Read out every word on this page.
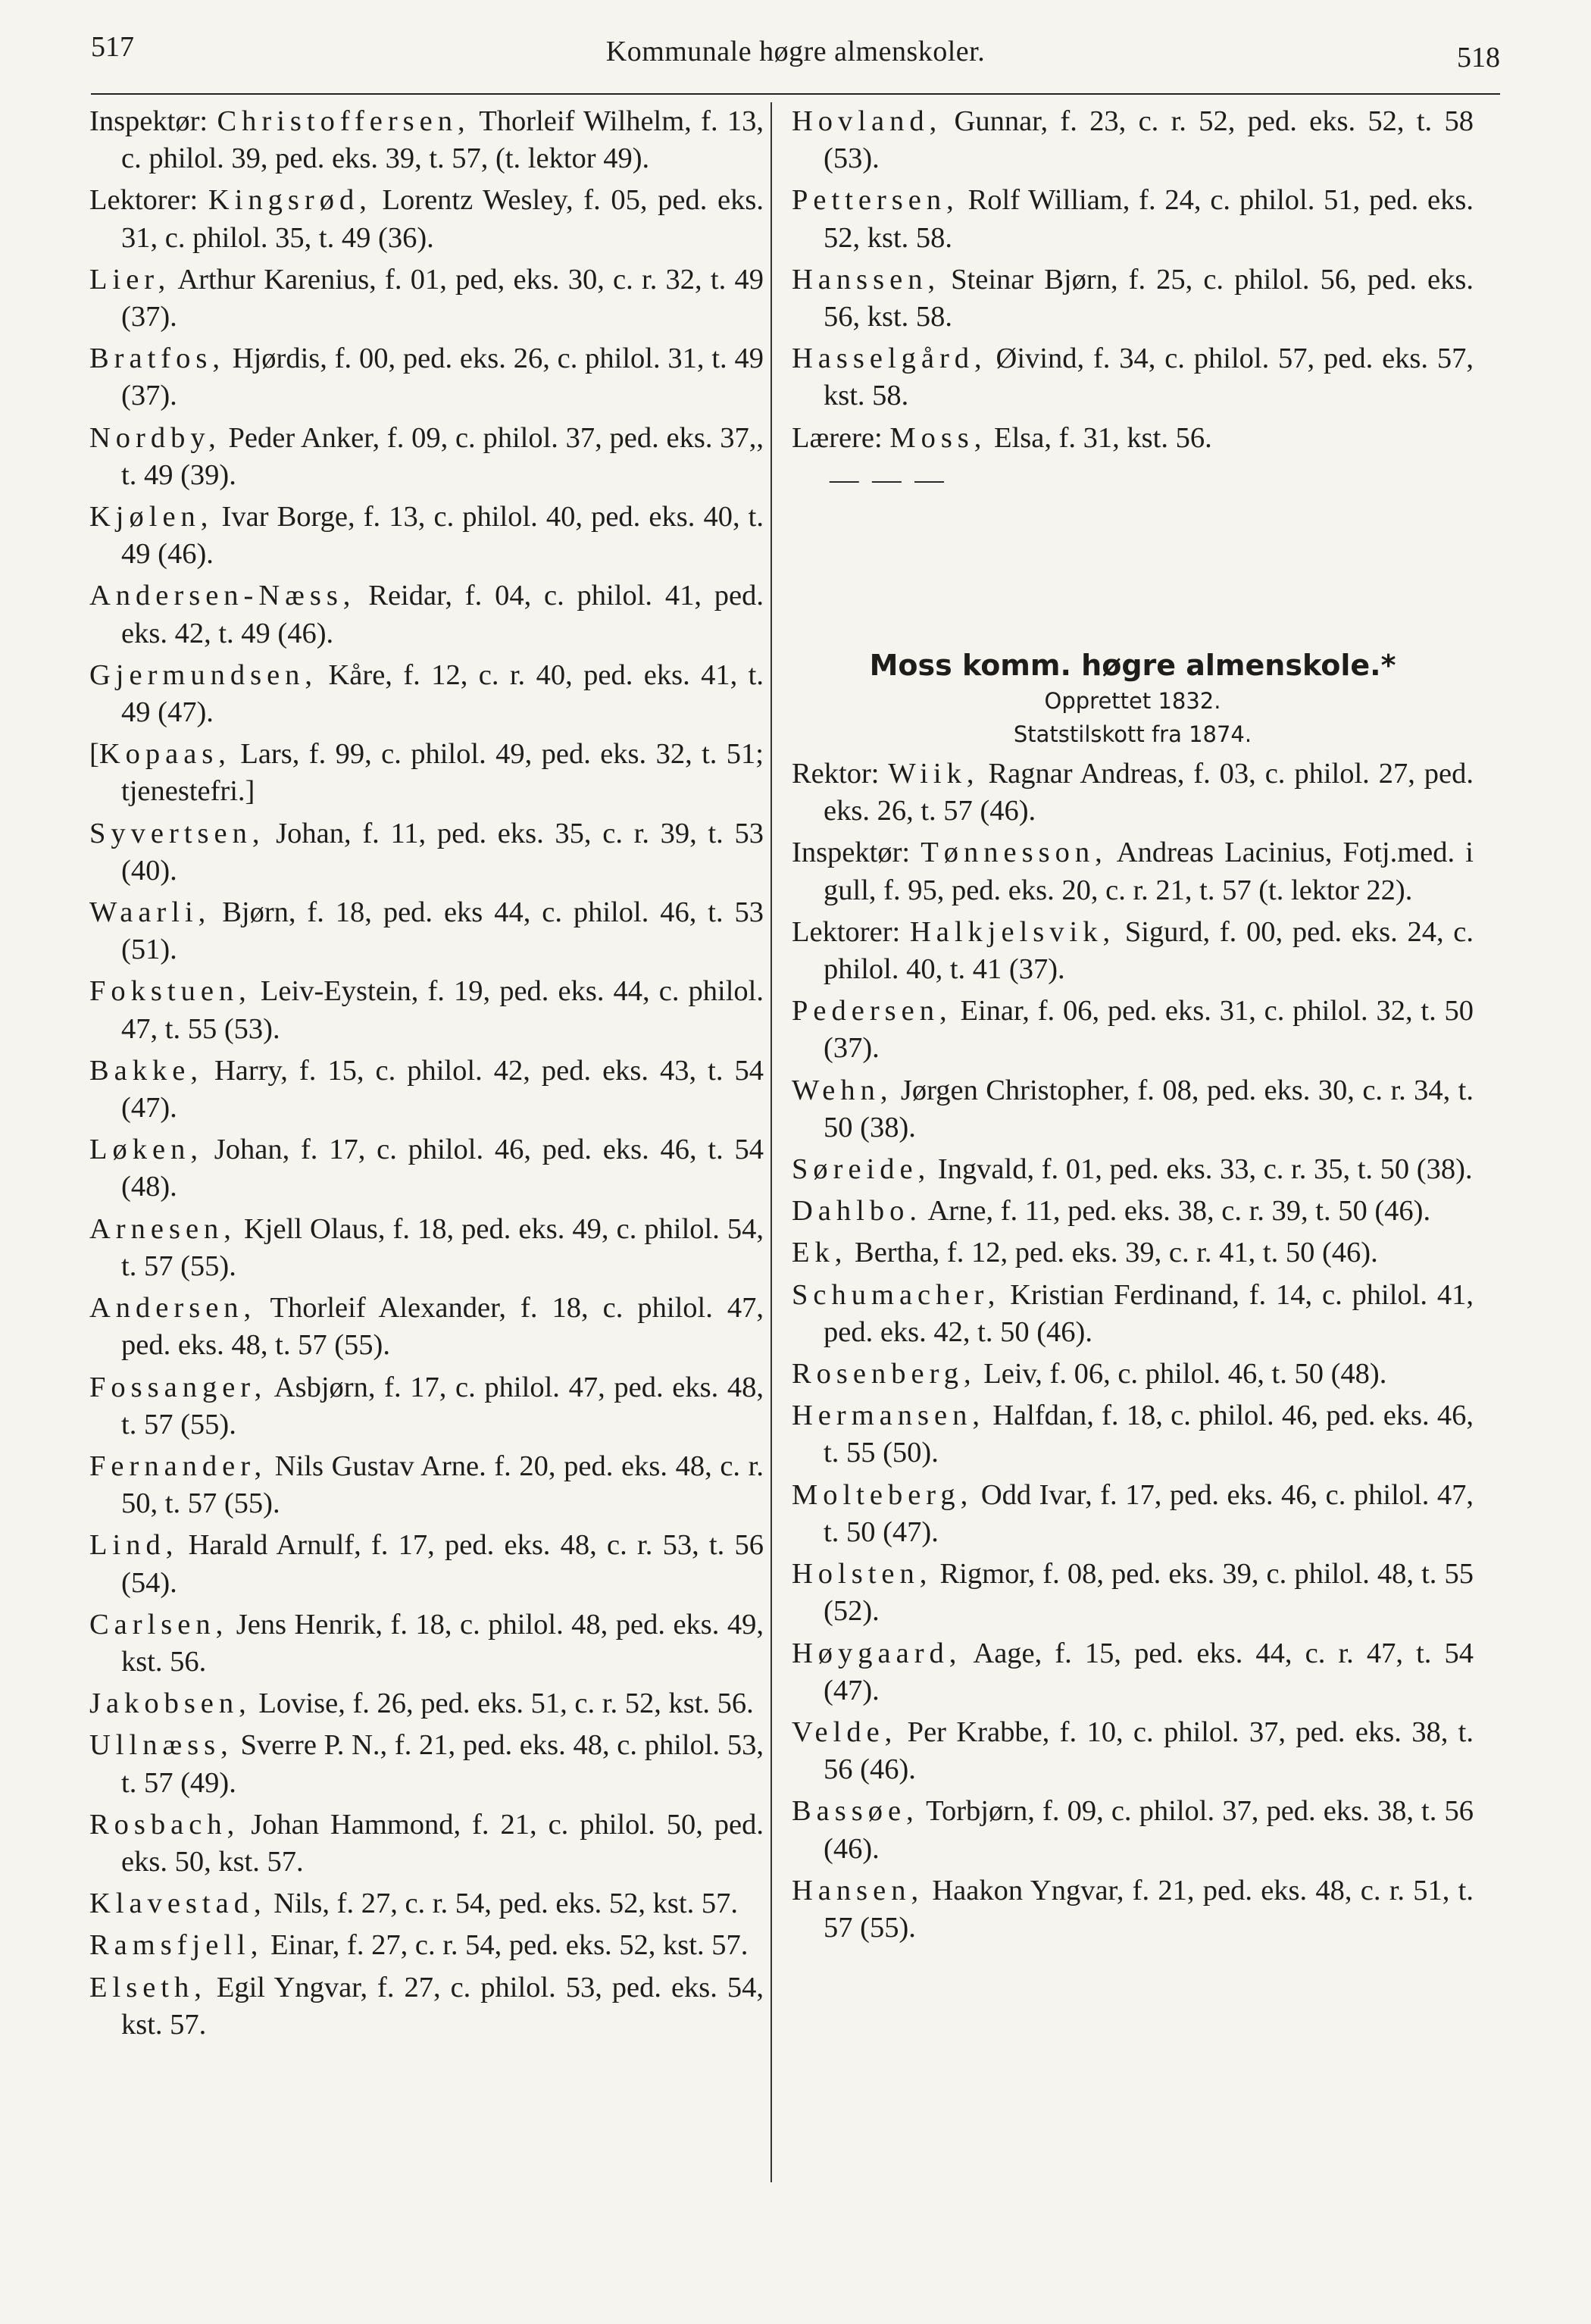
517	Kommunale høgre almenskoler.	518
Inspektør: Christoffersen, Thorleif Wilhelm, f. 13, c. philol. 39, ped. eks. 39, t. 57, (t. lektor 49).
Lektorer: Kingsrød, Lorentz Wesley, f. 05, ped. eks. 31, c. philol. 35, t. 49 (36).
Lier, Arthur Karenius, f. 01, ped, eks. 30, c. r. 32, t. 49 (37).
Bratfos, Hjørdis, f. 00, ped. eks. 26, c. philol. 31, t. 49 (37).
Nordby, Peder Anker, f. 09, c. philol. 37, ped. eks. 37,, t. 49 (39).
Kjølen, Ivar Borge, f. 13, c. philol. 40, ped. eks. 40, t. 49 (46).
Andersen-Næss, Reidar, f. 04, c. philol. 41, ped. eks. 42, t. 49 (46).
Gjermundsen, Kåre, f. 12, c. r. 40, ped. eks. 41, t. 49 (47).
[Kopaas, Lars, f. 99, c. philol. 49, ped. eks. 32, t. 51; tjenestefri.]
Syvertsen, Johan, f. 11, ped. eks. 35, c. r. 39, t. 53 (40).
Waarli, Bjørn, f. 18, ped. eks 44, c. philol. 46, t. 53 (51).
Fokstuen, Leiv-Eystein, f. 19, ped. eks. 44, c. philol. 47, t. 55 (53).
Bakke, Harry, f. 15, c. philol. 42, ped. eks. 43, t. 54 (47).
Løken, Johan, f. 17, c. philol. 46, ped. eks. 46, t. 54 (48).
Arnesen, Kjell Olaus, f. 18, ped. eks. 49, c. philol. 54, t. 57 (55).
Andersen, Thorleif Alexander, f. 18, c. philol. 47, ped. eks. 48, t. 57 (55).
Fossanger, Asbjørn, f. 17, c. philol. 47, ped. eks. 48, t. 57 (55).
Fernander, Nils Gustav Arne. f. 20, ped. eks. 48, c. r. 50, t. 57 (55).
Lind, Harald Arnulf, f. 17, ped. eks. 48, c. r. 53, t. 56 (54).
Carlsen, Jens Henrik, f. 18, c. philol. 48, ped. eks. 49, kst. 56.
Jakobsen, Lovise, f. 26, ped. eks. 51, c. r. 52, kst. 56.
Ullnæss, Sverre P. N., f. 21, ped. eks. 48, c. philol. 53, t. 57 (49).
Rosbach, Johan Hammond, f. 21, c. philol. 50, ped. eks. 50, kst. 57.
Klavestad, Nils, f. 27, c. r. 54, ped. eks. 52, kst. 57.
Ramsfjell, Einar, f. 27, c. r. 54, ped. eks. 52, kst. 57.
Elseth, Egil Yngvar, f. 27, c. philol. 53, ped. eks. 54, kst. 57.
Hovland, Gunnar, f. 23, c. r. 52, ped. eks. 52, t. 58 (53).
Pettersen, Rolf William, f. 24, c. philol. 51, ped. eks. 52, kst. 58.
Hanssen, Steinar Bjørn, f. 25, c. philol. 56, ped. eks. 56, kst. 58.
Hasselgård, Øivind, f. 34, c. philol. 57, ped. eks. 57, kst. 58.
Lærere: Moss, Elsa, f. 31, kst. 56.
— — —
Moss komm. høgre almenskole.*
Opprettet 1832.
Statstilskott fra 1874.
Rektor: Wiik, Ragnar Andreas, f. 03, c. philol. 27, ped. eks. 26, t. 57 (46).
Inspektør: Tønnesson, Andreas Lacinius, Fotj.med. i gull, f. 95, ped. eks. 20, c. r. 21, t. 57 (t. lektor 22).
Lektorer: Halkjelsvik, Sigurd, f. 00, ped. eks. 24, c. philol. 40, t. 41 (37).
Pedersen, Einar, f. 06, ped. eks. 31, c. philol. 32, t. 50 (37).
Wehn, Jørgen Christopher, f. 08, ped. eks. 30, c. r. 34, t. 50 (38).
Søreide, Ingvald, f. 01, ped. eks. 33, c. r. 35, t. 50 (38).
Dahlbo. Arne, f. 11, ped. eks. 38, c. r. 39, t. 50 (46).
Ek, Bertha, f. 12, ped. eks. 39, c. r. 41, t. 50 (46).
Schumacher, Kristian Ferdinand, f. 14, c. philol. 41, ped. eks. 42, t. 50 (46).
Rosenberg, Leiv, f. 06, c. philol. 46, t. 50 (48).
Hermansen, Halfdan, f. 18, c. philol. 46, ped. eks. 46, t. 55 (50).
Molteberg, Odd Ivar, f. 17, ped. eks. 46, c. philol. 47, t. 50 (47).
Holsten, Rigmor, f. 08, ped. eks. 39, c. philol. 48, t. 55 (52).
Høygaard, Aage, f. 15, ped. eks. 44, c. r. 47, t. 54 (47).
Velde, Per Krabbe, f. 10, c. philol. 37, ped. eks. 38, t. 56 (46).
Bassøe, Torbjørn, f. 09, c. philol. 37, ped. eks. 38, t. 56 (46).
Hansen, Haakon Yngvar, f. 21, ped. eks. 48, c. r. 51, t. 57 (55).
